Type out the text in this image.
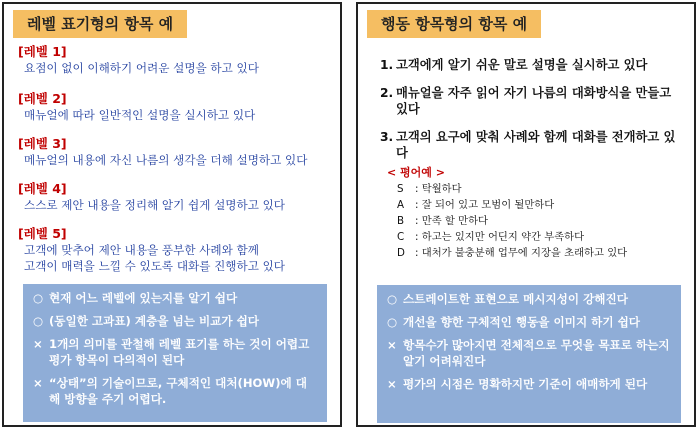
레벨 표기형의 항목 예
[레벨 1]
요점이 없이 이해하기 어려운 설명을 하고 있다
[레벨 2]
매뉴얼에 따라 일반적인 설명을 실시하고 있다
[레벨 3]
메뉴얼의 내용에 자신 나름의 생각을 더해 설명하고 있다
[레벨 4]
스스로 제안 내용을 정리해 알기 쉽게 설명하고 있다
[레벨 5]
고객에 맞추어 제안 내용을 풍부한 사례와 함께
고객이 매력을 느낄 수 있도록 대화를 진행하고 있다
○ 현재 어느 레벨에 있는지를 알기 쉽다
○ (동일한 고과표) 계층을 넘는 비교가 쉽다
× 1개의 의미를 관철해 레벨 표기를 하는 것이 어렵고 평가 항목이 다의적이 된다
× “상태”의 기술이므로, 구체적인 대처(HOW)에 대해 방향을 주기 어렵다.
행동 항목형의 항목 예
1. 고객에게 알기 쉬운 말로 설명을 실시하고 있다
2. 매뉴얼을 자주 읽어 자기 나름의 대화방식을 만들고 있다
3. 고객의 요구에 맞춰 사례와 함께 대화를 전개하고 있다
< 평어예 >
S	: 탁월하다
A	: 잘 되어 있고 모범이 될만하다
B	: 만족 할 만하다
C	: 하고는 있지만 어딘지 약간 부족하다
D : 대처가 불충분해 업무에 지장을 초래하고 있다
○ 스트레이트한 표현으로 메시지성이 강해진다
○ 개선을 향한 구체적인 행동을 이미지 하기 쉽다
× 항목수가 많아지면 전체적으로 무엇을 목표로 하는지 알기 어려워진다
× 평가의 시점은 명확하지만 기준이 애매하게 된다
